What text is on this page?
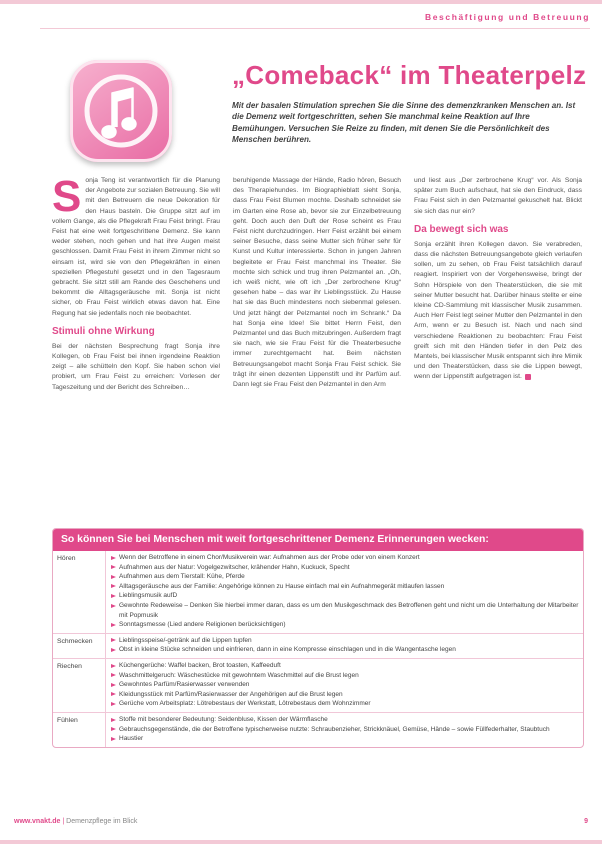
Beschäftigung und Betreuung
„Comeback“ im Theaterpelz

Mit der basalen Stimulation sprechen Sie die Sinne des demenzkranken Menschen an. Ist die Demenz weit fortgeschritten, sehen Sie manchmal keine Reaktion auf Ihre Bemühungen. Versuchen Sie Reize zu finden, mit denen Sie die Persönlichkeit des Menschen berühren.

Sonja Teng ist verantwortlich für die Planung der Angebote zur sozialen Betreuung. Sie will mit den Betreuern die neue Dekoration für den Haus basteln. Die Gruppe sitzt auf im vollem Gange, als die Pflegekraft Frau Feist bringt. Frau Feist hat eine weit fortgeschrittene Demenz. Sie kann weder stehen, noch gehen und hat ihre Augen meist geschlossen. Damit Frau Feist in ihrem Zimmer nicht so einsam ist, wird sie von den Pflegekräften in einen speziellen Pflegestuhl gesetzt und in den Tagesraum gebracht. Sie sitzt still am Rande des Geschehens und bekommt die Alltagsgeräusche mit. Sonja ist nicht sicher, ob Frau Feist wirklich etwas davon hat. Eine Regung hat sie jedenfalls noch nie beobachtet.

Stimuli ohne Wirkung

Bei der nächsten Besprechung fragt Sonja ihre Kollegen, ob Frau Feist bei ihnen irgendeine Reaktion zeigt – alle schütteln den Kopf. Sie haben schon viel probiert, um Frau Feist zu erreichen: Vorlesen der Tageszeitung und der Bericht des Schreiben…

beruhigende Massage der Hände, Radio hören, Besuch des Therapiehundes. Im Biographieblatt sieht Sonja, dass Frau Feist Blumen mochte. Deshalb schneidet sie im Garten eine Rose ab, bevor sie zur Einzelbetreuung geht. Doch auch den Duft der Rose scheint es Frau Feist nicht durchzudringen. Herr Feist erzählt bei einem seiner Besuche, dass seine Mutter sich früher sehr für Kunst und Kultur interessierte. Schon in jungen Jahren begleitete er Frau Feist manchmal ins Theater. Sie mochte sich schick und trug ihren Pelzmantel an. „Oh, ich weiß nicht, wie oft ich „Der zerbrochene Krug“ gesehen habe – das war ihr Lieblingsstück. Zu Hause hat sie das Buch mindestens noch siebenmal gelesen. Und jetzt hängt der Pelzmantel noch im Schrank.“ Da hat Sonja eine Idee! Sie bittet Herrn Feist, den Pelzmantel und das Buch mitzubringen. Außerdem fragt sie nach, wie sie Frau Feist für die Theaterbesuche immer zurechtgemacht hat. Beim nächsten Betreuungsangebot macht Sonja Frau Feist schick. Sie trägt ihr einen dezenten Lippenstift und ihr Parfüm auf. Dann legt sie Frau Feist den Pelzmantel in den Arm

und liest aus „Der zerbrochene Krug“ vor. Als Sonja später zum Buch aufschaut, hat sie den Eindruck, dass Frau Feist sich in den Pelzmantel gekuschelt hat. Blickt sie sich das nur ein?

Da bewegt sich was

Sonja erzählt ihren Kollegen davon. Sie verabreden, dass die nächsten Betreuungsangebote gleich verlaufen sollen, um zu sehen, ob Frau Feist tatsächlich darauf reagiert. Inspiriert von der Vorgehensweise, bringt der Sohn Hörspiele von den Theaterstücken, die sie mit seiner Mutter besucht hat. Darüber hinaus stellte er eine kleine CD-Sammlung mit klassischer Musik zusammen. Auch Herr Feist legt seiner Mutter den Pelzmantel in den Arm, wenn er zu Besuch ist. Nach und nach sind verschiedene Reaktionen zu beobachten: Frau Feist greift sich mit den Händen tiefer in den Pelz des Mantels, bei klassischer Musik entspannt sich ihre Mimik und den Theaterstücken, dass sie die Lippen bewegt, wenn der Lippenstift aufgetragen ist.

So können Sie bei Menschen mit weit fortgeschrittener Demenz Erinnerungen wecken:
Hören	Wenn der Betroffene in einem Chor/Musikverein war: Aufnahmen aus der Probe oder von einem Konzert
Aufnahmen aus der Natur: Vogelgezwitscher, krähender Hahn, Kuckuck, Specht
Aufnahmen aus dem Tierstall: Kühe, Pferde
Alltagsgeräusche aus der Familie: Angehörige können zu Hause einfach mal ein Aufnahmegerät mitlaufen lassen
Lieblingsmusik aufD
Gewohnte Redeweise – Denken Sie hierbei immer daran, dass es um den Musikgeschmack des Betroffenen geht und nicht um die Unterhaltung der Mitarbeiter mit Popmusik
Sonntagsmesse (Lied andere Religionen berücksichtigen)
Schmecken	Lieblingsspeise/-getränk auf die Lippen tupfen
Obst in kleine Stücke schneiden und einfrieren, dann in eine Kompresse einschlagen und in die Wangentasche legen
Riechen	Küchengerüche: Waffel backen, Brot toasten, Kaffeeduft
Waschmittelgeruch: Wäschestücke mit gewohntem Waschmittel auf die Brust legen
Gewohntes Parfüm/Rasierwasser verwenden
Kleidungsstück mit Parfüm/Rasierwasser der Angehörigen auf die Brust legen
Gerüche vom Arbeitsplatz: Lötrebestaus der Werkstatt, Lötrebestaus dem Wohnzimmer
Fühlen	Stoffe mit besonderer Bedeutung: Seidenbluse, Kissen der Wärmflasche
Gebrauchsgegenstände, die der Betroffene typischerweise nutzte: Schraubenzieher, Strickknäuel, Gemüse, Hände – sowie Füllfederhalter, Staubtuch
Haustier
www.vnakt.de | Demenzpflege im Blick	9
